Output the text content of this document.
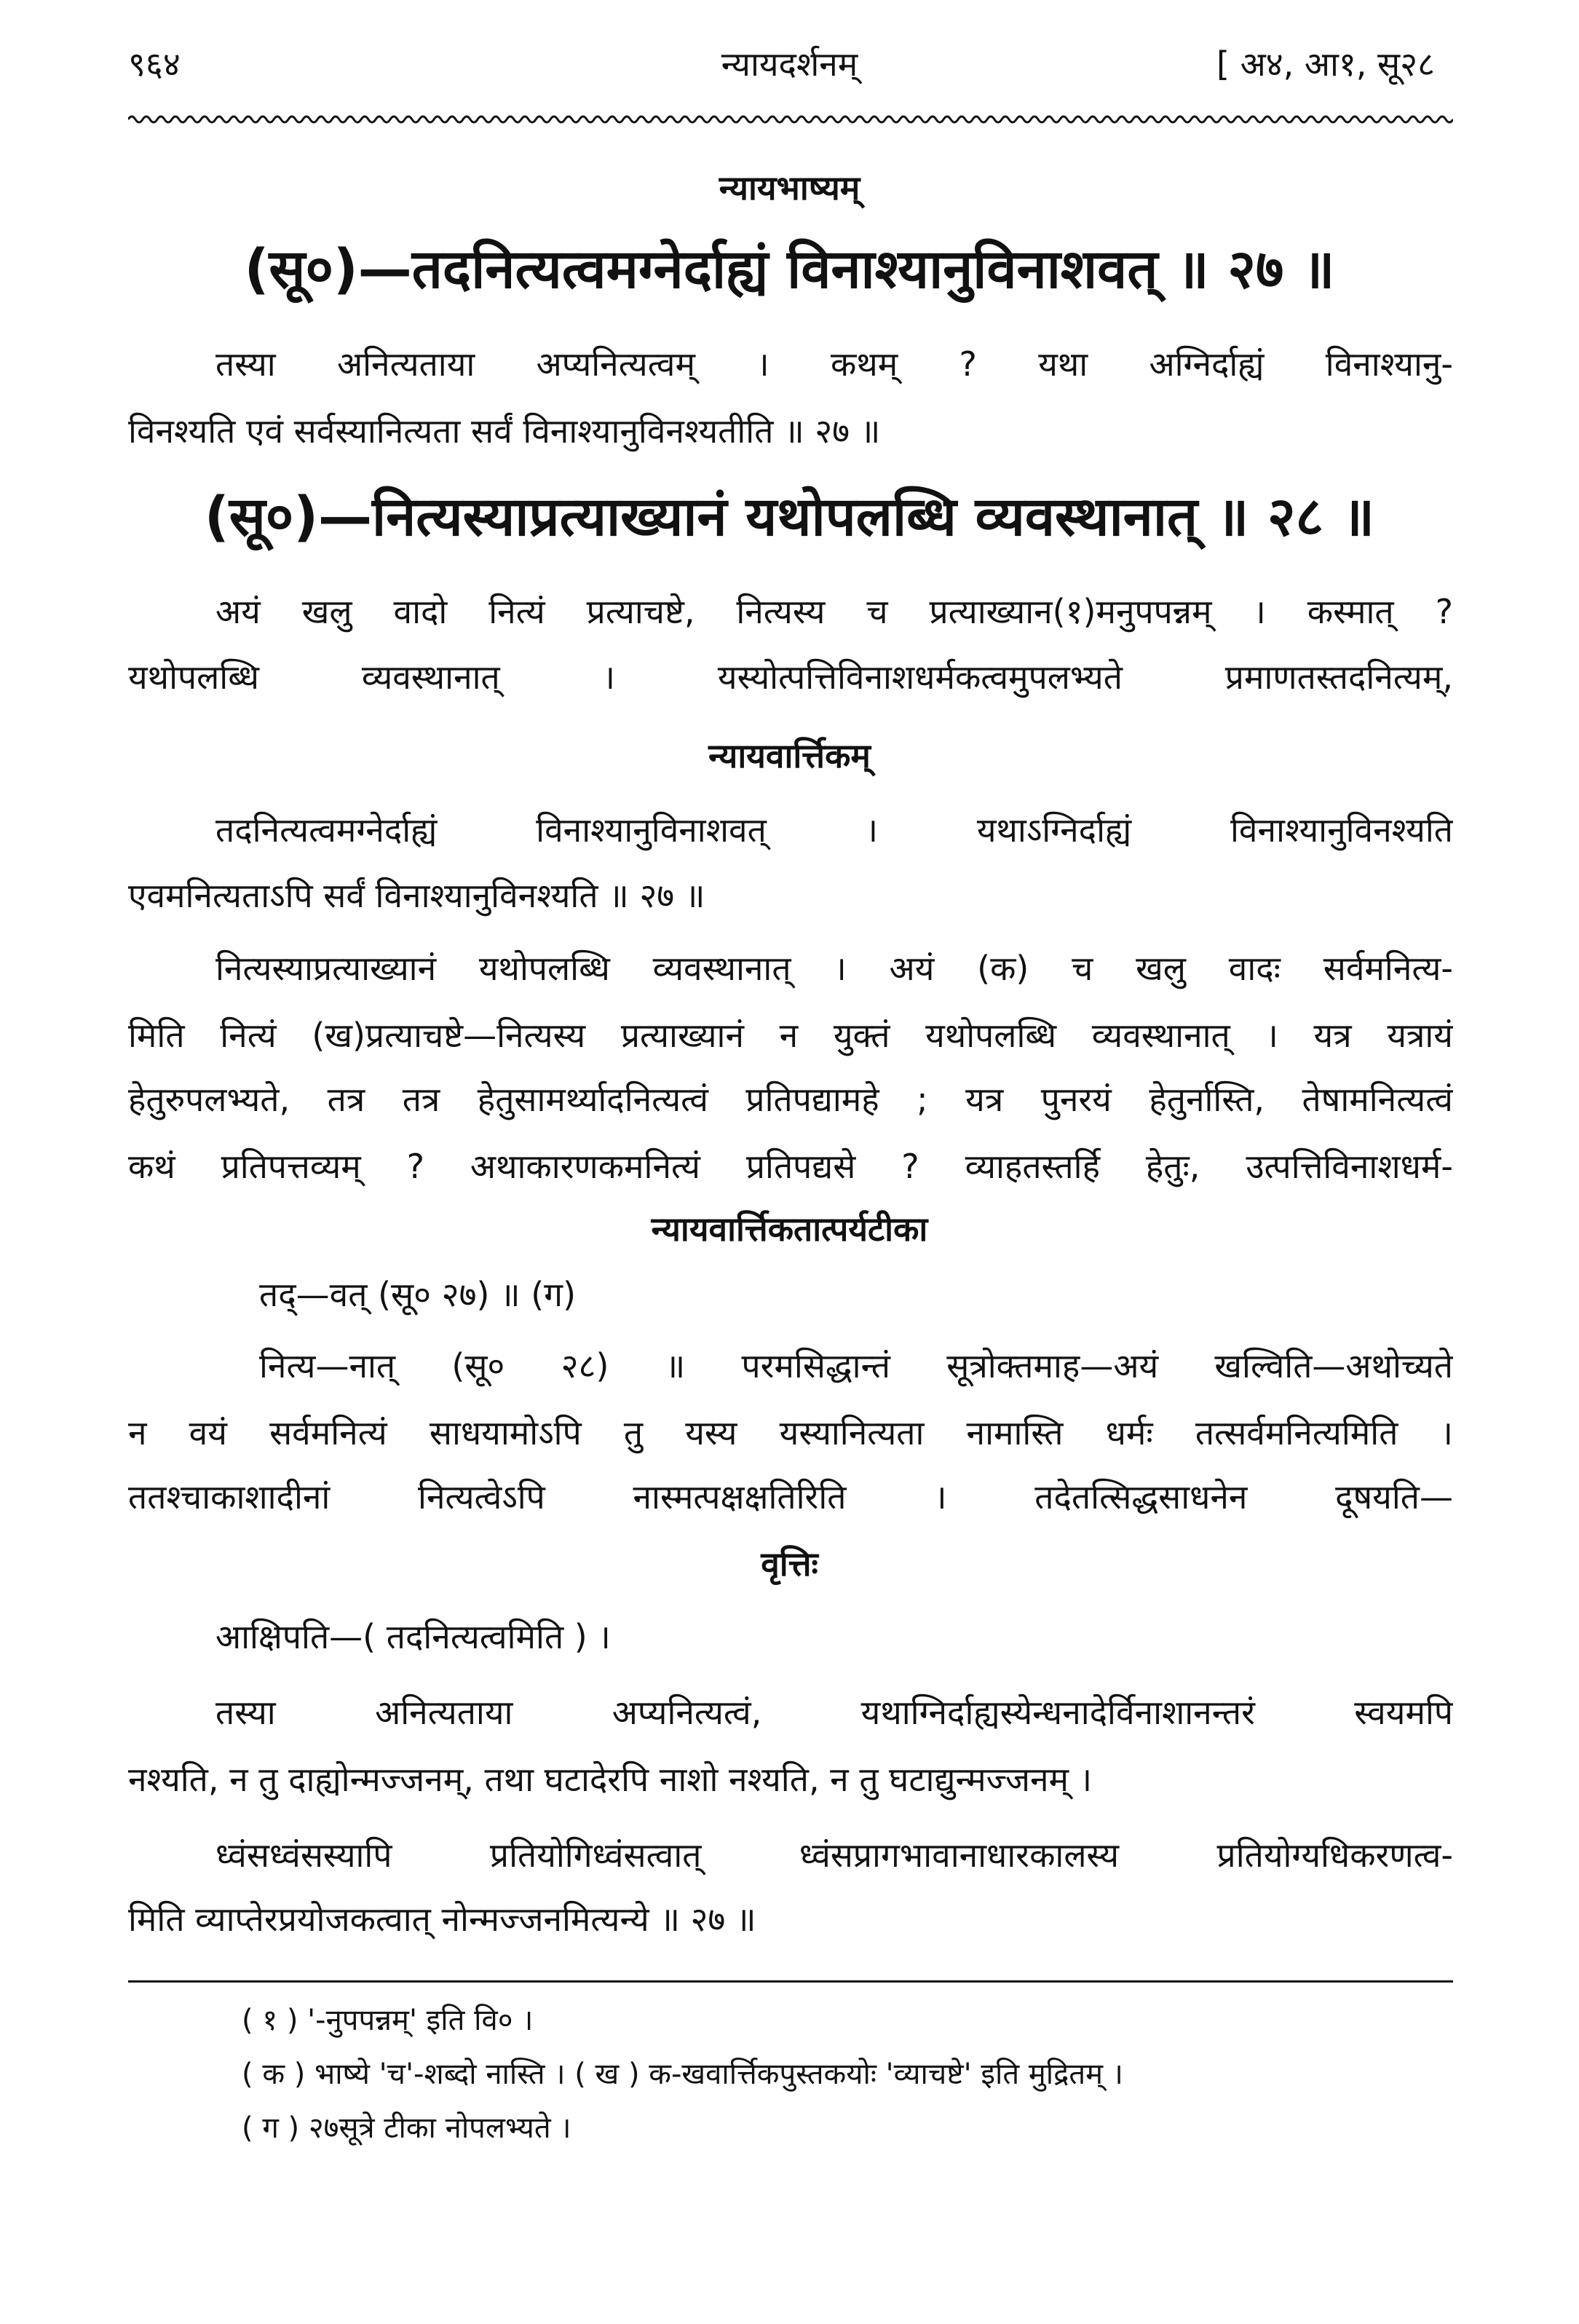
९६४	न्यायदर्शनम्	[ अ४, आ१, सू२८
न्यायभाष्यम्
(सू०)—तदनित्यत्वमग्नेर्दाह्यं विनाश्यानुविनाशवत् ॥ २७ ॥
तस्या अनित्यताया अप्यनित्यत्वम् । कथम् ? यथा अग्निर्दाह्यं विनाश्यानु-
विनश्यति एवं सर्वस्यानित्यता सर्वं विनाश्यानुविनश्यतीति ॥ २७ ॥
(सू०)—नित्यस्याप्रत्याख्यानं यथोपलब्धि व्यवस्थानात् ॥ २८ ॥
अयं खलु वादो नित्यं प्रत्याचष्टे, नित्यस्य च प्रत्याख्यान(१)मनुपपन्नम् । कस्मात् ?
यथोपलब्धि व्यवस्थानात् । यस्योत्पत्तिविनाशधर्मकत्वमुपलभ्यते प्रमाणतस्तदनित्यम्,
न्यायवार्त्तिकम्
तदनित्यत्वमग्नेर्दाह्यं विनाश्यानुविनाशवत् । यथाऽग्निर्दाह्यं विनाश्यानुविनश्यति
एवमनित्यताऽपि सर्वं विनाश्यानुविनश्यति ॥ २७ ॥
नित्यस्याप्रत्याख्यानं यथोपलब्धि व्यवस्थानात् । अयं (क) च खलु वादः सर्वमनित्य-
मिति नित्यं (ख)प्रत्याचष्टे—नित्यस्य प्रत्याख्यानं न युक्तं यथोपलब्धि व्यवस्थानात् । यत्र यत्रायं
हेतुरुपलभ्यते, तत्र तत्र हेतुसामर्थ्यादनित्यत्वं प्रतिपद्यामहे ; यत्र पुनरयं हेतुर्नास्ति, तेषामनित्यत्वं
कथं प्रतिपत्तव्यम् ? अथाकारणकमनित्यं प्रतिपद्यसे ? व्याहतस्तर्हि हेतुः, उत्पत्तिविनाशधर्म-
न्यायवार्त्तिकतात्पर्यटीका
तद्—वत् (सू० २७) ॥ (ग)
नित्य—नात् (सू० २८) ॥ परमसिद्धान्तं सूत्रोक्तमाह—अयं खल्विति—अथोच्यते
न वयं सर्वमनित्यं साधयामोऽपि तु यस्य यस्यानित्यता नामास्ति धर्मः तत्सर्वमनित्यमिति ।
ततश्चाकाशादीनां नित्यत्वेऽपि नास्मत्पक्षक्षतिरिति । तदेतत्सिद्धसाधनेन दूषयति—
वृत्तिः
आक्षिपति—( तदनित्यत्वमिति ) ।
तस्या अनित्यताया अप्यनित्यत्वं, यथाग्निर्दाह्यस्येन्धनादेर्विनाशानन्तरं स्वयमपि
नश्यति, न तु दाह्योन्मज्जनम्, तथा घटादेरपि नाशो नश्यति, न तु घटाद्युन्मज्जनम् ।
ध्वंसध्वंसस्यापि प्रतियोगिध्वंसत्वात् ध्वंसप्रागभावानाधारकालस्य प्रतियोग्यधिकरणत्व-
मिति व्याप्तेरप्रयोजकत्वात् नोन्मज्जनमित्यन्ये ॥ २७ ॥
( १ ) '-नुपपन्नम्' इति वि० ।
( क ) भाष्ये 'च'-शब्दो नास्ति । ( ख ) क-खवार्त्तिकपुस्तकयोः 'व्याचष्टे' इति मुद्रितम् ।
( ग ) २७सूत्रे टीका नोपलभ्यते ।
